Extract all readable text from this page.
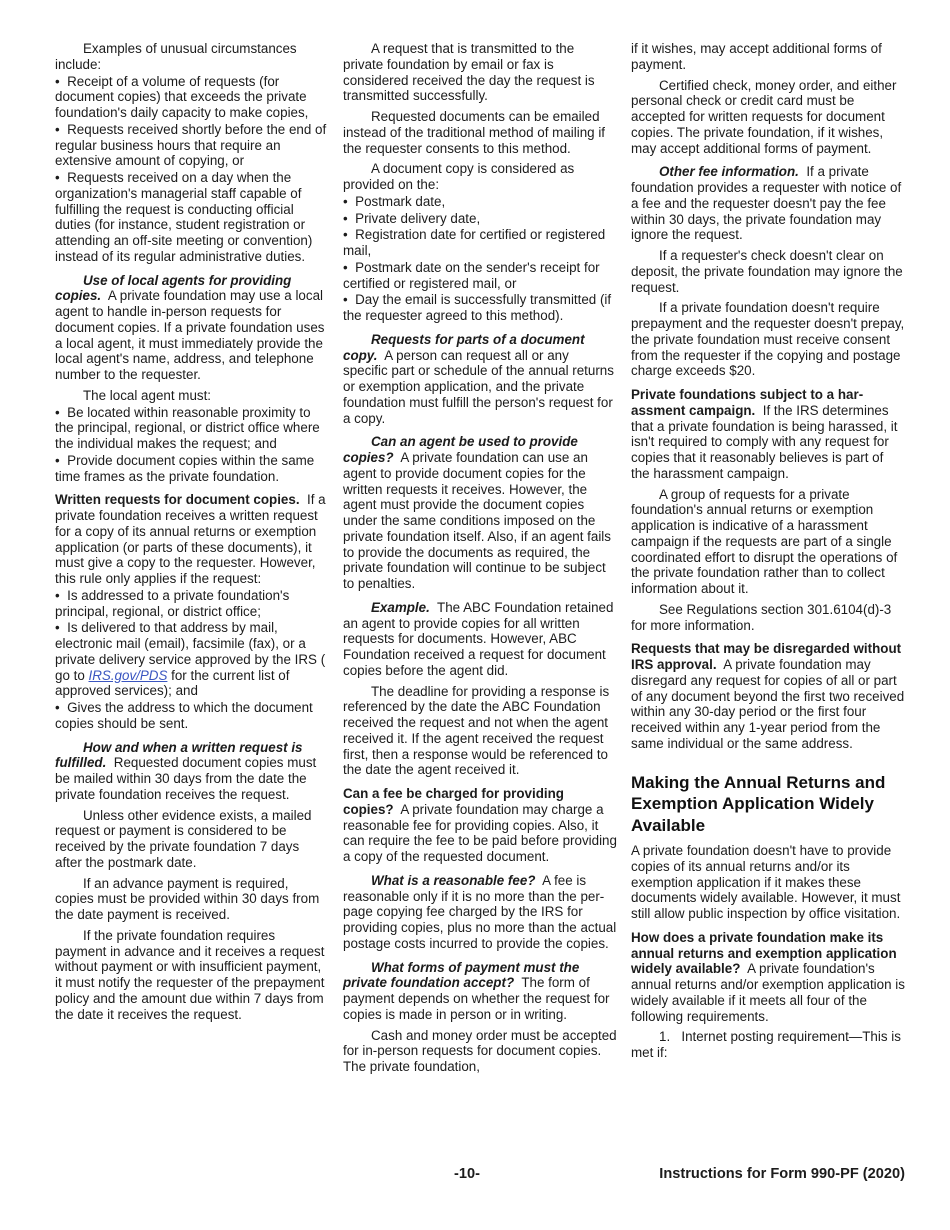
Examples of unusual circumstances include:
•  Receipt of a volume of requests (for document copies) that exceeds the private foundation's daily capacity to make copies,
•  Requests received shortly before the end of regular business hours that require an extensive amount of copying, or
•  Requests received on a day when the organization's managerial staff capable of fulfilling the request is conducting official duties (for instance, student registration or attending an off-site meeting or convention) instead of its regular administrative duties.
Use of local agents for providing copies. A private foundation may use a local agent to handle in-person requests for document copies. If a private foundation uses a local agent, it must immediately provide the local agent's name, address, and telephone number to the requester.
The local agent must:
•  Be located within reasonable proximity to the principal, regional, or district office where the individual makes the request; and
•  Provide document copies within the same time frames as the private foundation.
Written requests for document copies. If a private foundation receives a written request for a copy of its annual returns or exemption application (or parts of these documents), it must give a copy to the requester. However, this rule only applies if the request:
•  Is addressed to a private foundation's principal, regional, or district office;
•  Is delivered to that address by mail, electronic mail (email), facsimile (fax), or a private delivery service approved by the IRS ( go to IRS.gov/PDS for the current list of approved services); and
•  Gives the address to which the document copies should be sent.
How and when a written request is fulfilled. Requested document copies must be mailed within 30 days from the date the private foundation receives the request.
Unless other evidence exists, a mailed request or payment is considered to be received by the private foundation 7 days after the postmark date.
If an advance payment is required, copies must be provided within 30 days from the date payment is received.
If the private foundation requires payment in advance and it receives a request without payment or with insufficient payment, it must notify the requester of the prepayment policy and the amount due within 7 days from the date it receives the request.
A request that is transmitted to the private foundation by email or fax is considered received the day the request is transmitted successfully.
Requested documents can be emailed instead of the traditional method of mailing if the requester consents to this method.
A document copy is considered as provided on the:
•  Postmark date,
•  Private delivery date,
•  Registration date for certified or registered mail,
•  Postmark date on the sender's receipt for certified or registered mail, or
•  Day the email is successfully transmitted (if the requester agreed to this method).
Requests for parts of a document copy. A person can request all or any specific part or schedule of the annual returns or exemption application, and the private foundation must fulfill the person's request for a copy.
Can an agent be used to provide copies? A private foundation can use an agent to provide document copies for the written requests it receives. However, the agent must provide the document copies under the same conditions imposed on the private foundation itself. Also, if an agent fails to provide the documents as required, the private foundation will continue to be subject to penalties.
Example. The ABC Foundation retained an agent to provide copies for all written requests for documents. However, ABC Foundation received a request for document copies before the agent did.
The deadline for providing a response is referenced by the date the ABC Foundation received the request and not when the agent received it. If the agent received the request first, then a response would be referenced to the date the agent received it.
Can a fee be charged for providing copies? A private foundation may charge a reasonable fee for providing copies. Also, it can require the fee to be paid before providing a copy of the requested document.
What is a reasonable fee? A fee is reasonable only if it is no more than the per-page copying fee charged by the IRS for providing copies, plus no more than the actual postage costs incurred to provide the copies.
What forms of payment must the private foundation accept? The form of payment depends on whether the request for copies is made in person or in writing.
Cash and money order must be accepted for in-person requests for document copies. The private foundation,
if it wishes, may accept additional forms of payment.
Certified check, money order, and either personal check or credit card must be accepted for written requests for document copies. The private foundation, if it wishes, may accept additional forms of payment.
Other fee information. If a private foundation provides a requester with notice of a fee and the requester doesn't pay the fee within 30 days, the private foundation may ignore the request.
If a requester's check doesn't clear on deposit, the private foundation may ignore the request.
If a private foundation doesn't require prepayment and the requester doesn't prepay, the private foundation must receive consent from the requester if the copying and postage charge exceeds $20.
Private foundations subject to a harassment campaign. If the IRS determines that a private foundation is being harassed, it isn't required to comply with any request for copies that it reasonably believes is part of the harassment campaign.
A group of requests for a private foundation's annual returns or exemption application is indicative of a harassment campaign if the requests are part of a single coordinated effort to disrupt the operations of the private foundation rather than to collect information about it.
See Regulations section 301.6104(d)-3 for more information.
Requests that may be disregarded without IRS approval. A private foundation may disregard any request for copies of all or part of any document beyond the first two received within any 30-day period or the first four received within any 1-year period from the same individual or the same address.
Making the Annual Returns and Exemption Application Widely Available
A private foundation doesn't have to provide copies of its annual returns and/or its exemption application if it makes these documents widely available. However, it must still allow public inspection by office visitation.
How does a private foundation make its annual returns and exemption application widely available? A private foundation's annual returns and/or exemption application is widely available if it meets all four of the following requirements.
1.   Internet posting requirement—This is met if:
-10-	Instructions for Form 990-PF (2020)
